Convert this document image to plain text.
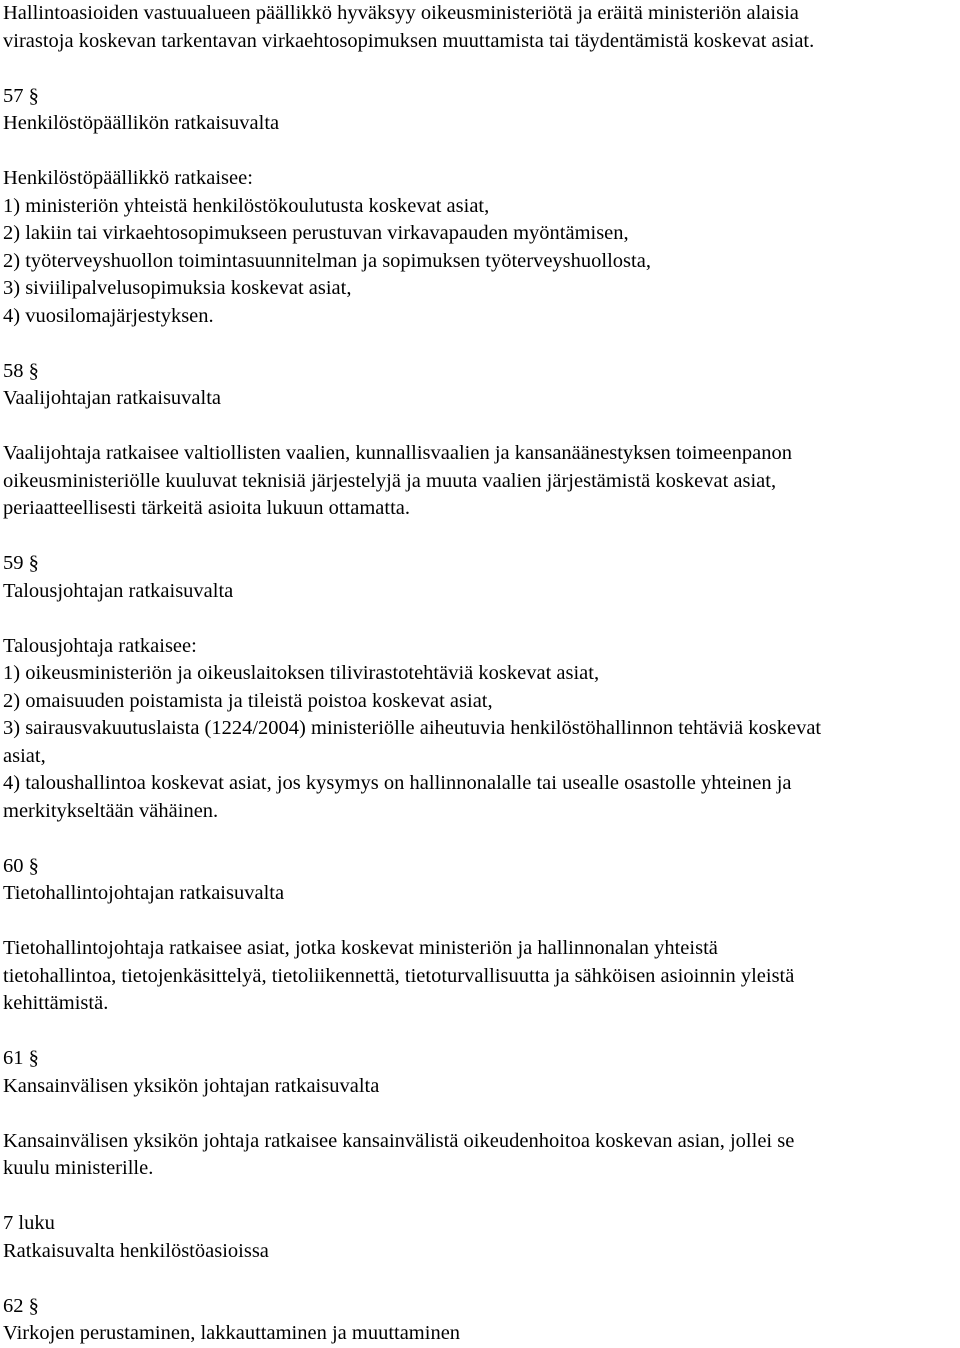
Hallintoasioiden vastuualueen päällikkö hyväksyy oikeusministeriötä ja eräitä ministeriön alaisia
virastoja koskevan tarkentavan virkaehtosopimuksen muuttamista tai täydentämistä koskevat asiat.
57 §
Henkilöstöpäällikön ratkaisuvalta
Henkilöstöpäällikkö ratkaisee:
1) ministeriön yhteistä henkilöstökoulutusta koskevat asiat,
2) lakiin tai virkaehtosopimukseen perustuvan virkavapauden myöntämisen,
2) työterveyshuollon toimintasuunnitelman ja sopimuksen työterveyshuollosta,
3) siviilipalvelusopimuksia koskevat asiat,
4) vuosilomajärjestyksen.
58 §
Vaalijohtajan ratkaisuvalta
Vaalijohtaja ratkaisee valtiollisten vaalien, kunnallisvaalien ja kansanäänestyksen toimeenpanon
oikeusministeriölle kuuluvat teknisiä järjestelyjä ja muuta vaalien järjestämistä koskevat asiat,
periaatteellisesti tärkeitä asioita lukuun ottamatta.
59 §
Talousjohtajan ratkaisuvalta
Talousjohtaja ratkaisee:
1) oikeusministeriön ja oikeuslaitoksen tilivirastotehtäviä koskevat asiat,
2) omaisuuden poistamista ja tileistä poistoa koskevat asiat,
3) sairausvakuutuslaista (1224/2004) ministeriölle aiheutuvia henkilöstöhallinnon tehtäviä koskevat
asiat,
4) taloushallintoa koskevat asiat, jos kysymys on hallinnonalalle tai usealle osastolle yhteinen ja
merkitykseltään vähäinen.
60 §
Tietohallintojohtajan ratkaisuvalta
Tietohallintojohtaja ratkaisee asiat, jotka koskevat ministeriön ja hallinnonalan yhteistä
tietohallintoa, tietojenkäsittelyä, tietoliikennettä, tietoturvallisuutta ja sähköisen asioinnin yleistä
kehittämistä.
61 §
Kansainvälisen yksikön johtajan ratkaisuvalta
Kansainvälisen yksikön johtaja ratkaisee kansainvälistä oikeudenhoitoa koskevan asian, jollei se
kuulu ministerille.
7 luku
Ratkaisuvalta henkilöstöasioissa
62 §
Virkojen perustaminen, lakkauttaminen ja muuttaminen
